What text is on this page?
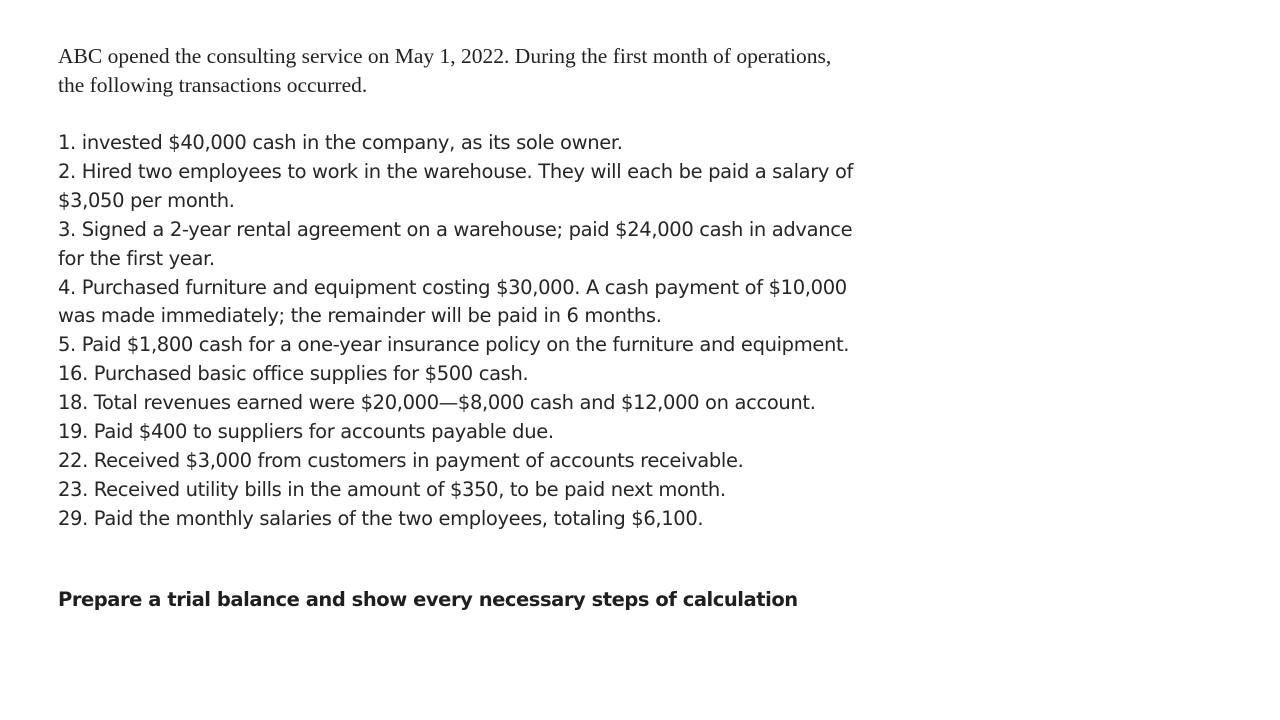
ABC opened the consulting service on May 1, 2022. During the first month of operations, the following transactions occurred.

1. invested $40,000 cash in the company, as its sole owner.
2. Hired two employees to work in the warehouse. They will each be paid a salary of $3,050 per month.
3. Signed a 2-year rental agreement on a warehouse; paid $24,000 cash in advance for the first year.
4. Purchased furniture and equipment costing $30,000. A cash payment of $10,000 was made immediately; the remainder will be paid in 6 months.
5. Paid $1,800 cash for a one-year insurance policy on the furniture and equipment.
16. Purchased basic office supplies for $500 cash.
18. Total revenues earned were $20,000—$8,000 cash and $12,000 on account.
19. Paid $400 to suppliers for accounts payable due.
22. Received $3,000 from customers in payment of accounts receivable.
23. Received utility bills in the amount of $350, to be paid next month.
29. Paid the monthly salaries of the two employees, totaling $6,100.

Prepare a trial balance and show every necessary steps of calculation
